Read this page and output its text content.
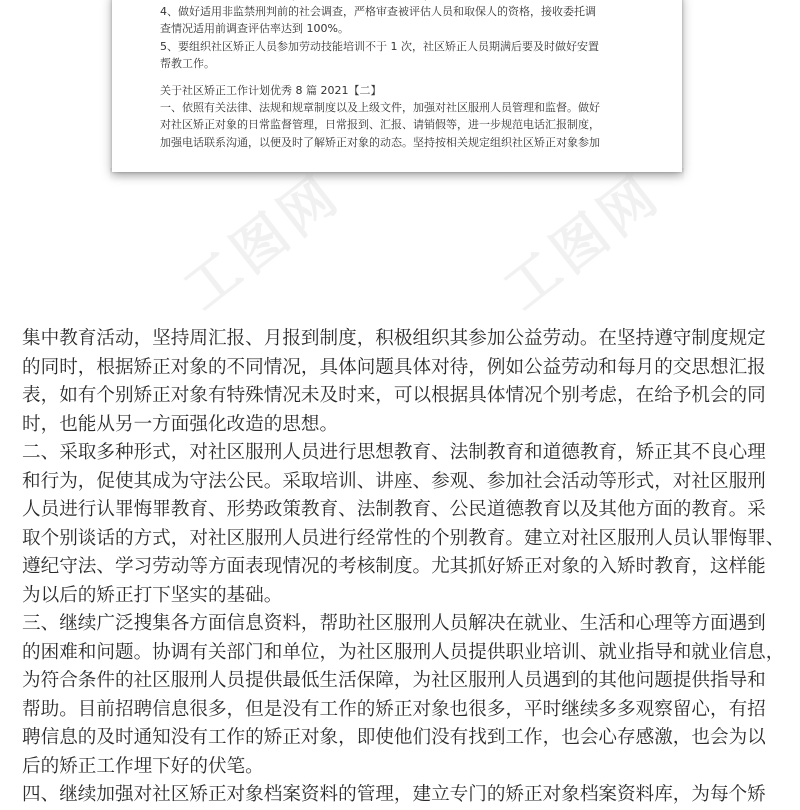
4、做好适用非监禁刑判前的社会调查，严格审查被评估人员和取保人的资格，接收委托调
查情况适用前调查评估率达到 100%。
5、要组织社区矫正人员参加劳动技能培训不于 1 次，社区矫正人员期满后要及时做好安置
帮教工作。
关于社区矫正工作计划优秀 8 篇 2021【二】
一、依照有关法律、法规和规章制度以及上级文件，加强对社区服刑人员管理和监督。做好
对社区矫正对象的日常监督管理，日常报到、汇报、请销假等，进一步规范电话汇报制度，
加强电话联系沟通，以便及时了解矫正对象的动态。坚持按相关规定组织社区矫正对象参加
工图网	工图网
集中教育活动，坚持周汇报、月报到制度，积极组织其参加公益劳动。在坚持遵守制度规定
的同时，根据矫正对象的不同情况，具体问题具体对待，例如公益劳动和每月的交思想汇报
表，如有个别矫正对象有特殊情况未及时来，可以根据具体情况个别考虑，在给予机会的同
时，也能从另一方面强化改造的思想。
二、采取多种形式，对社区服刑人员进行思想教育、法制教育和道德教育，矫正其不良心理
和行为，促使其成为守法公民。采取培训、讲座、参观、参加社会活动等形式，对社区服刑
人员进行认罪悔罪教育、形势政策教育、法制教育、公民道德教育以及其他方面的教育。采
取个别谈话的方式，对社区服刑人员进行经常性的个别教育。建立对社区服刑人员认罪悔罪、
遵纪守法、学习劳动等方面表现情况的考核制度。尤其抓好矫正对象的入矫时教育，这样能
为以后的矫正打下坚实的基础。
三、继续广泛搜集各方面信息资料，帮助社区服刑人员解决在就业、生活和心理等方面遇到
的困难和问题。协调有关部门和单位，为社区服刑人员提供职业培训、就业指导和就业信息，
为符合条件的社区服刑人员提供最低生活保障，为社区服刑人员遇到的其他问题提供指导和
帮助。目前招聘信息很多，但是没有工作的矫正对象也很多，平时继续多多观察留心，有招
聘信息的及时通知没有工作的矫正对象，即使他们没有找到工作，也会心存感激，也会为以
后的矫正工作埋下好的伏笔。
四、继续加强对社区矫正对象档案资料的管理，建立专门的矫正对象档案资料库，为每个矫
